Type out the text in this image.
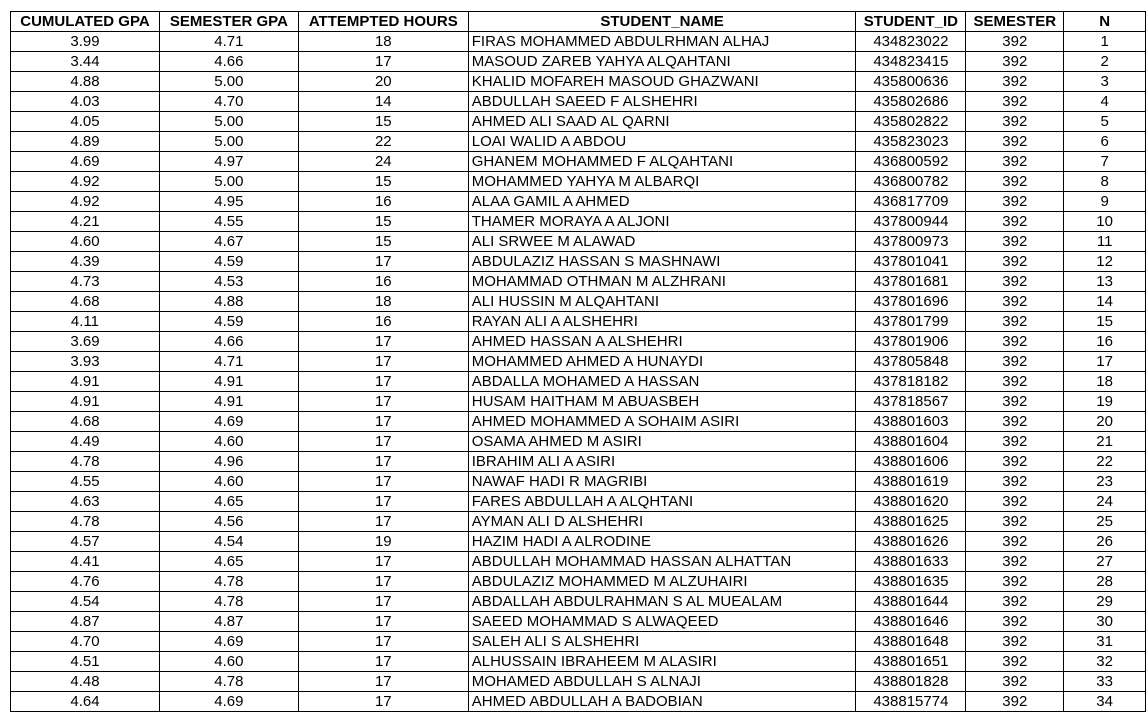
CUMULATED GPA	SEMESTER GPA	ATTEMPTED HOURS	STUDENT_NAME	STUDENT_ID	SEMESTER	N
3.99	4.71	18	FIRAS MOHAMMED ABDULRHMAN ALHAJ	434823022	392	1
3.44	4.66	17	MASOUD ZAREB YAHYA ALQAHTANI	434823415	392	2
4.88	5.00	20	KHALID MOFAREH MASOUD GHAZWANI	435800636	392	3
4.03	4.70	14	ABDULLAH SAEED F ALSHEHRI	435802686	392	4
4.05	5.00	15	AHMED ALI SAAD AL QARNI	435802822	392	5
4.89	5.00	22	LOAI WALID A ABDOU	435823023	392	6
4.69	4.97	24	GHANEM MOHAMMED F ALQAHTANI	436800592	392	7
4.92	5.00	15	MOHAMMED YAHYA M ALBARQI	436800782	392	8
4.92	4.95	16	ALAA GAMIL A AHMED	436817709	392	9
4.21	4.55	15	THAMER MORAYA A ALJONI	437800944	392	10
4.60	4.67	15	ALI SRWEE M ALAWAD	437800973	392	11
4.39	4.59	17	ABDULAZIZ HASSAN S MASHNAWI	437801041	392	12
4.73	4.53	16	MOHAMMAD OTHMAN M ALZHRANI	437801681	392	13
4.68	4.88	18	ALI HUSSIN M ALQAHTANI	437801696	392	14
4.11	4.59	16	RAYAN ALI A ALSHEHRI	437801799	392	15
3.69	4.66	17	AHMED HASSAN A ALSHEHRI	437801906	392	16
3.93	4.71	17	MOHAMMED AHMED A HUNAYDI	437805848	392	17
4.91	4.91	17	ABDALLA MOHAMED A HASSAN	437818182	392	18
4.91	4.91	17	HUSAM HAITHAM M ABUASBEH	437818567	392	19
4.68	4.69	17	AHMED MOHAMMED A SOHAIM ASIRI	438801603	392	20
4.49	4.60	17	OSAMA AHMED M ASIRI	438801604	392	21
4.78	4.96	17	IBRAHIM ALI A ASIRI	438801606	392	22
4.55	4.60	17	NAWAF HADI R MAGRIBI	438801619	392	23
4.63	4.65	17	FARES ABDULLAH A ALQHTANI	438801620	392	24
4.78	4.56	17	AYMAN ALI D ALSHEHRI	438801625	392	25
4.57	4.54	19	HAZIM HADI A ALRODINE	438801626	392	26
4.41	4.65	17	ABDULLAH MOHAMMAD HASSAN ALHATTAN	438801633	392	27
4.76	4.78	17	ABDULAZIZ MOHAMMED M ALZUHAIRI	438801635	392	28
4.54	4.78	17	ABDALLAH ABDULRAHMAN S AL MUEALAM	438801644	392	29
4.87	4.87	17	SAEED MOHAMMAD S ALWAQEED	438801646	392	30
4.70	4.69	17	SALEH ALI S ALSHEHRI	438801648	392	31
4.51	4.60	17	ALHUSSAIN IBRAHEEM M ALASIRI	438801651	392	32
4.48	4.78	17	MOHAMED ABDULLAH S ALNAJI	438801828	392	33
4.64	4.69	17	AHMED ABDULLAH A BADOBIAN	438815774	392	34
